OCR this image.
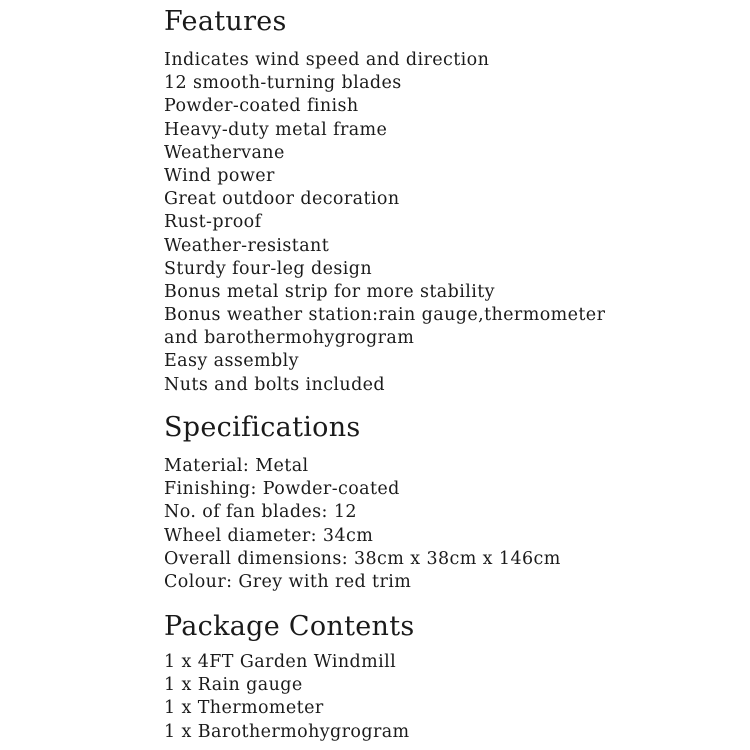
Features
Indicates wind speed and direction
12 smooth-turning blades
Powder-coated finish
Heavy-duty metal frame
Weathervane
Wind power
Great outdoor decoration
Rust-proof
Weather-resistant
Sturdy four-leg design
Bonus metal strip for more stability
Bonus weather station:rain gauge,thermometer
and barothermohygrogram
Easy assembly
Nuts and bolts included
Specifications
Material: Metal
Finishing: Powder-coated
No. of fan blades: 12
Wheel diameter: 34cm
Overall dimensions: 38cm x 38cm x 146cm
Colour: Grey with red trim
Package Contents
1 x 4FT Garden Windmill
1 x Rain gauge
1 x Thermometer
1 x Barothermohygrogram
